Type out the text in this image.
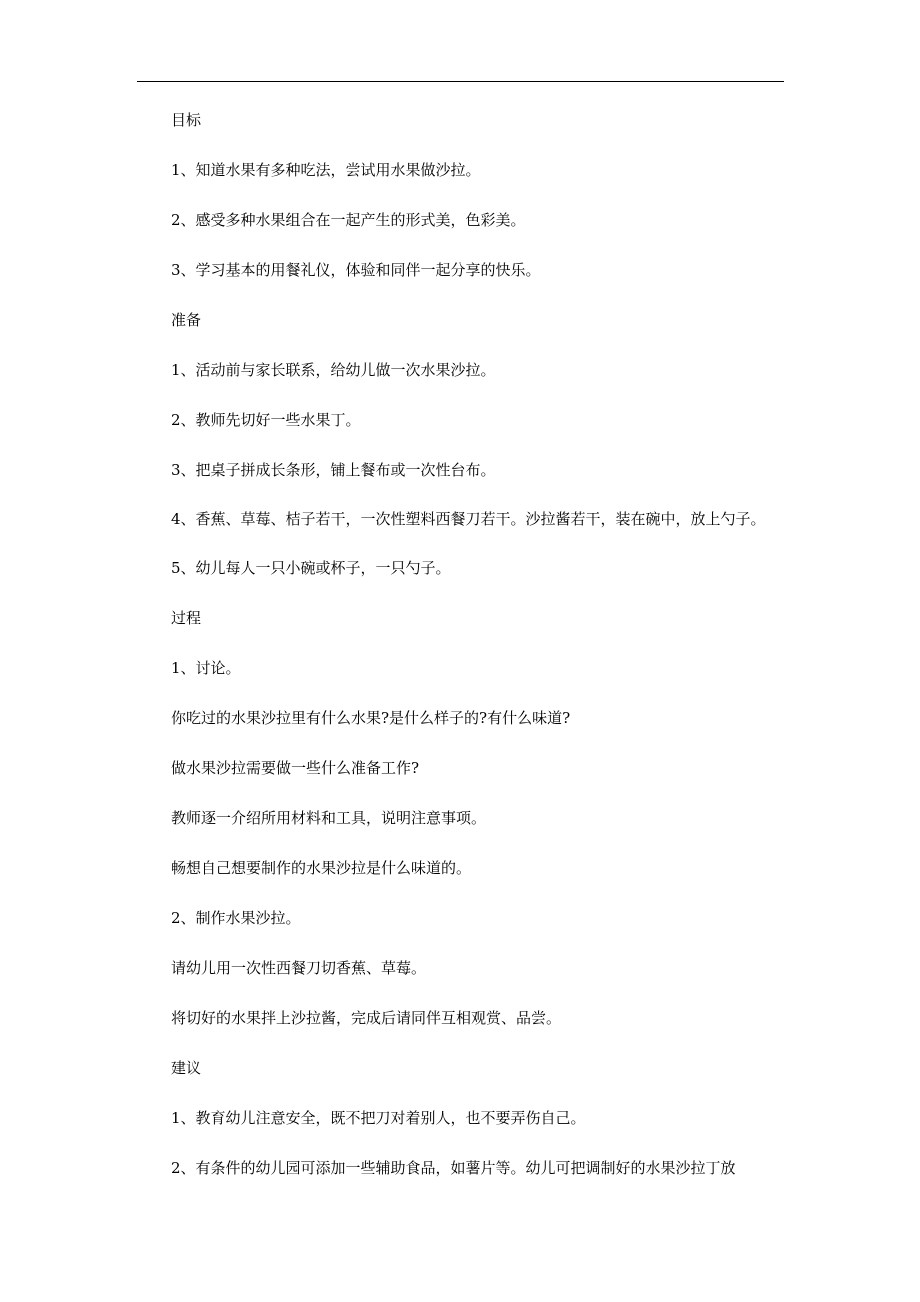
目标

1、知道水果有多种吃法，尝试用水果做沙拉。

2、感受多种水果组合在一起产生的形式美，色彩美。

3、学习基本的用餐礼仪，体验和同伴一起分享的快乐。

准备

1、活动前与家长联系，给幼儿做一次水果沙拉。

2、教师先切好一些水果丁。

3、把桌子拼成长条形，铺上餐布或一次性台布。

4、香蕉、草莓、桔子若干，一次性塑料西餐刀若干。沙拉酱若干，装在碗中，放上勺子。

5、幼儿每人一只小碗或杯子，一只勺子。

过程

1、讨论。

你吃过的水果沙拉里有什么水果?是什么样子的?有什么味道?

做水果沙拉需要做一些什么准备工作?

教师逐一介绍所用材料和工具，说明注意事项。

畅想自己想要制作的水果沙拉是什么味道的。

2、制作水果沙拉。

请幼儿用一次性西餐刀切香蕉、草莓。

将切好的水果拌上沙拉酱，完成后请同伴互相观赏、品尝。

建议

1、教育幼儿注意安全，既不把刀对着别人，也不要弄伤自己。

2、有条件的幼儿园可添加一些辅助食品，如薯片等。幼儿可把调制好的水果沙拉丁放
